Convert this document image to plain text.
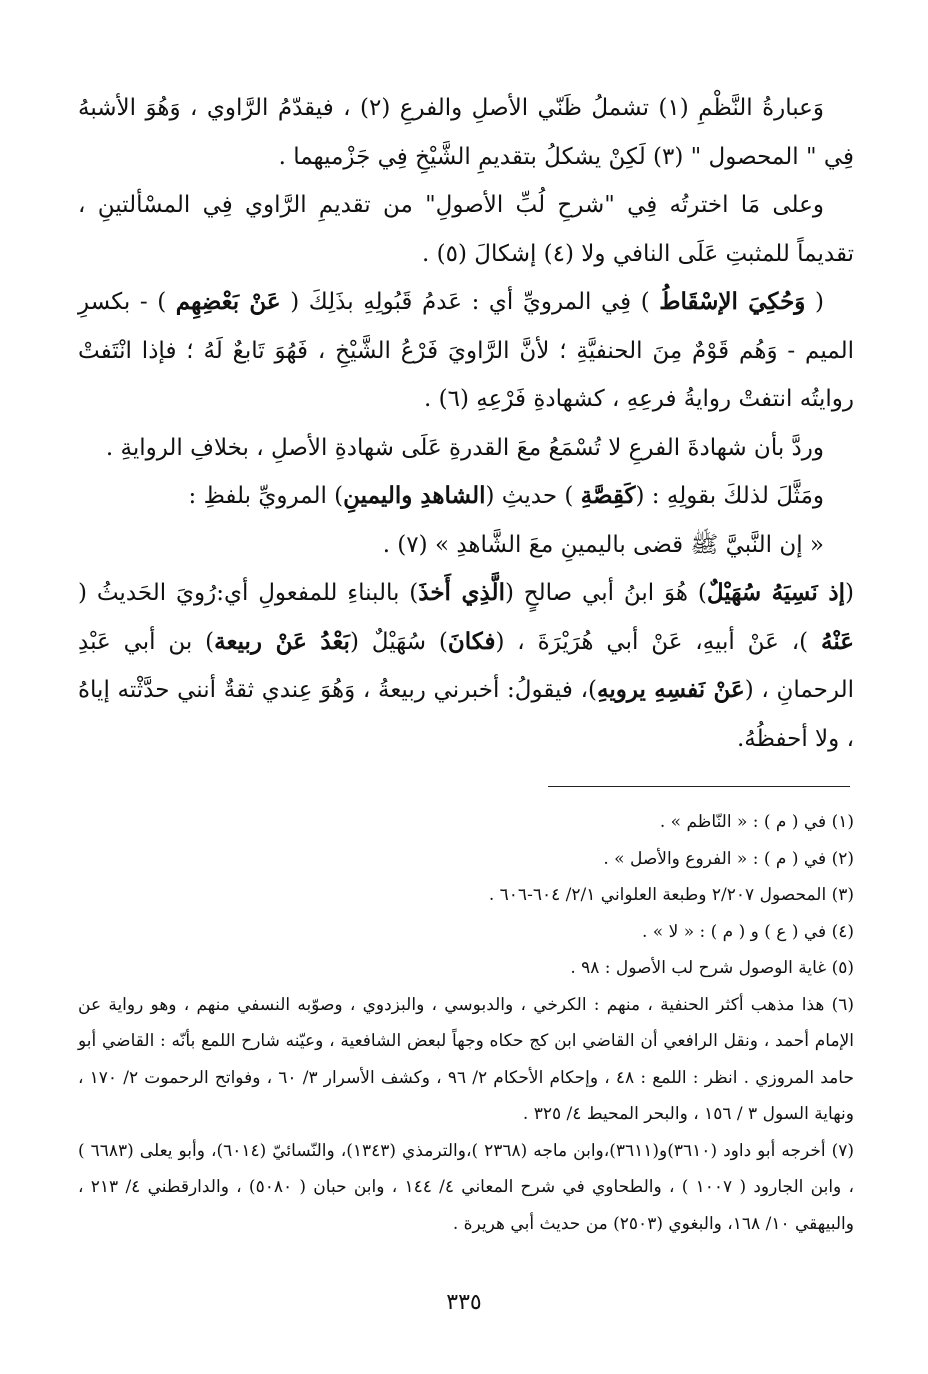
وَعبارةُ النَّظْمِ (١) تشملُ ظَنّي الأصلِ والفرعِ (٢) ، فيقدّمُ الرَّاوي ، وَهُوَ الأشبهُ فِي " المحصول " (٣) لَكِنْ يشكلُ بتقديمِ الشَّيْخِ فِي جَزْميهما .

وعلى مَا اخترتُه فِي "شرحِ لُبِّ الأصولِ" من تقديمِ الرَّاوي فِي المسْألتينِ ، تقديماً للمثبتِ عَلَى النافي ولا (٤) إشكالَ (٥) .

( وَحُكِيَ الإسْقَاطُ ) فِي المرويِّ أي : عَدمُ قَبُولِهِ بذَلِكَ ( عَنْ بَعْضِهِم ) - بكسرِ الميم - وَهُم قَوْمٌ مِنَ الحنفيَّةِ ؛ لأنَّ الرَّاويَ فَرْعُ الشَّيْخِ ، فَهُوَ تَابعٌ لَهُ ؛ فإذا انْتَفتْ روايتُه انتفتْ روايةُ فرعِهِ ، كشهادةِ فَرْعِهِ (٦) .

وردَّ بأن شهادةَ الفرعِ لا تُسْمَعُ معَ القدرةِ عَلَى شهادةِ الأصلِ ، بخلافِ الروايةِ .

ومَثَّلَ لذلكَ بقولِهِ : (كَقِصَّةِ ) حديثِ (الشاهدِ واليمينِ) المرويِّ بلفظِ :

« إن النَّبيَّ ﷺ قضى باليمينِ معَ الشَّاهدِ » (٧) .

(إذ نَسِيَهُ سُهَيْلٌ) هُوَ ابنُ أبي صالحٍ (الَّذِي أَخذَ) بالبناءِ للمفعولِ أي:رُويَ الحَديثُ ( عَنْهُ )، عَنْ أبيهِ، عَنْ أبي هُرَيْرَةَ ، (فكانَ) سُهَيْلٌ (بَعْدُ عَنْ ربيعة) بن أبي عَبْدِ الرحمانِ ، (عَنْ نَفسِهِ يرويهِ)، فيقولُ: أخبرني ربيعةُ ، وَهُوَ عِندي ثقةٌ أنني حدَّثْته إياهُ ، ولا أحفظُهُ.

(١) في ( م ) : « النّاظم » .

(٢) في ( م ) : « الفروع والأصل » .

(٣) المحصول ٢/٢٠٧ وطبعة العلواني ٢/١/ ٦٠٤-٦٠٦ .

(٤) في ( ع ) و ( م ) : « لا » .

(٥) غاية الوصول شرح لب الأصول : ٩٨ .

(٦) هذا مذهب أكثر الحنفية ، منهم : الكرخي ، والدبوسي ، والبزدوي ، وصوّبه النسفي منهم ، وهو رواية عن الإمام أحمد ، ونقل الرافعي أن القاضي ابن كج حكاه وجهاً لبعض الشافعية ، وعيّنه شارح اللمع بأنّه : القاضي أبو حامد المروزي . انظر : اللمع : ٤٨ ، وإحكام الأحكام ٢/ ٩٦ ، وكشف الأسرار ٣/ ٦٠ ، وفواتح الرحموت ٢/ ١٧٠ ، ونهاية السول ٣ / ١٥٦ ، والبحر المحيط ٤/ ٣٢٥ .

(٧) أخرجه أبو داود (٣٦١٠)و(٣٦١١)،وابن ماجه (٢٣٦٨ )،والترمذي (١٣٤٣)، والنّسائيّ (٦٠١٤)، وأبو يعلى (٦٦٨٣ ) ، وابن الجارود ( ١٠٠٧ ) ، والطحاوي في شرح المعاني ٤/ ١٤٤ ، وابن حبان ( ٥٠٨٠) ، والدارقطني ٤/ ٢١٣ ، والبيهقي ١٠/ ١٦٨، والبغوي (٢٥٠٣) من حديث أبي هريرة .

٣٣٥
